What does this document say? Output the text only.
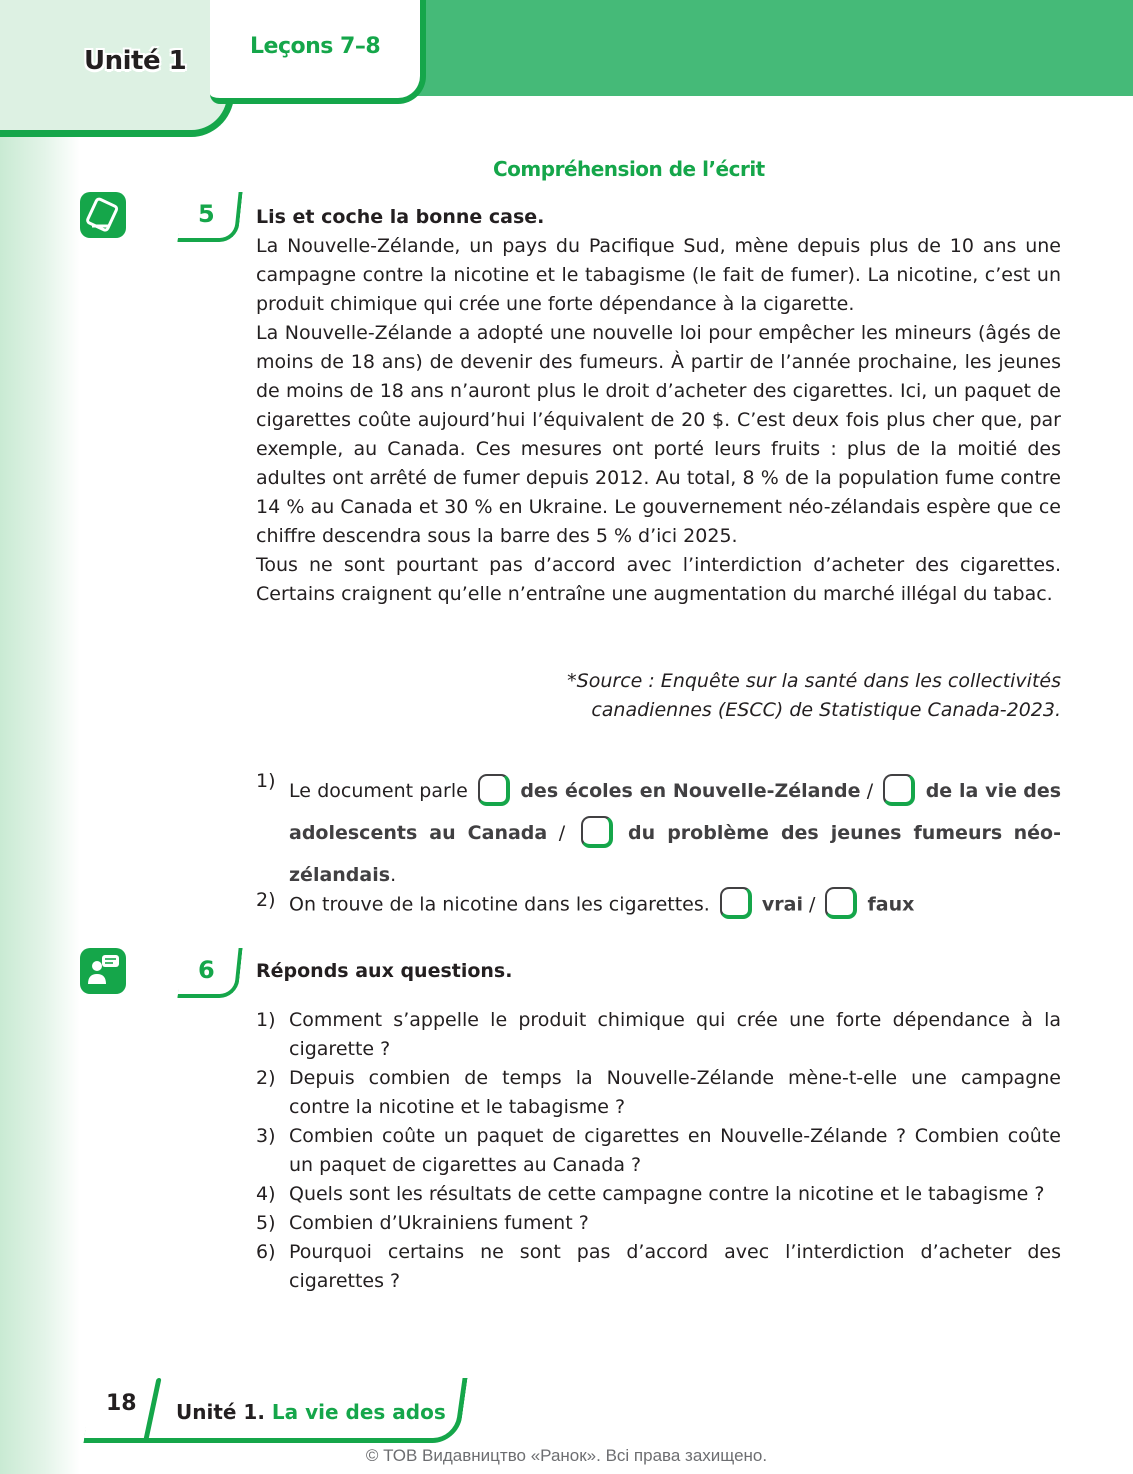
Unité 1	Leçons 7–8
Compréhension de l’écrit
5 Lis et coche la bonne case.
La Nouvelle-Zélande, un pays du Pacifique Sud, mène depuis plus de 10 ans une campagne contre la nicotine et le tabagisme (le fait de fumer). La nicotine, c’est un produit chimique qui crée une forte dépendance à la cigarette.
La Nouvelle-Zélande a adopté une nouvelle loi pour empêcher les mineurs (âgés de moins de 18 ans) de devenir des fumeurs. À partir de l’année prochaine, les jeunes de moins de 18 ans n’auront plus le droit d’acheter des cigarettes. Ici, un paquet de cigarettes coûte aujourd’hui l’équivalent de 20 $. C’est deux fois plus cher que, par exemple, au Canada. Ces mesures ont porté leurs fruits : plus de la moitié des adultes ont arrêté de fumer depuis 2012. Au total, 8 % de la population fume contre 14 % au Canada et 30 % en Ukraine. Le gouvernement néo-zélandais espère que ce chiffre descendra sous la barre des 5 % d’ici 2025.
Tous ne sont pourtant pas d’accord avec l’interdiction d’acheter des cigarettes. Certains craignent qu’elle n’entraîne une augmentation du marché illégal du tabac.
*Source : Enquête sur la santé dans les collectivités
canadiennes (ESCC) de Statistique Canada-2023.
1) Le document parle	des écoles en Nouvelle-Zélande /	de la vie des adolescents au Canada /	du problème des jeunes fumeurs néo-zélandais.
2) On trouve de la nicotine dans les cigarettes.	vrai /	faux
6 Réponds aux questions.
1) Comment s’appelle le produit chimique qui crée une forte dépendance à la cigarette ?
2) Depuis combien de temps la Nouvelle-Zélande mène-t-elle une campagne contre la nicotine et le tabagisme ?
3) Combien coûte un paquet de cigarettes en Nouvelle-Zélande ? Combien coûte un paquet de cigarettes au Canada ?
4) Quels sont les résultats de cette campagne contre la nicotine et le tabagisme ?
5) Combien d’Ukrainiens fument ?
6) Pourquoi certains ne sont pas d’accord avec l’interdiction d’acheter des cigarettes ?
18 Unité 1. La vie des ados
© ТОВ Видавництво «Ранок». Всі права захищено.
